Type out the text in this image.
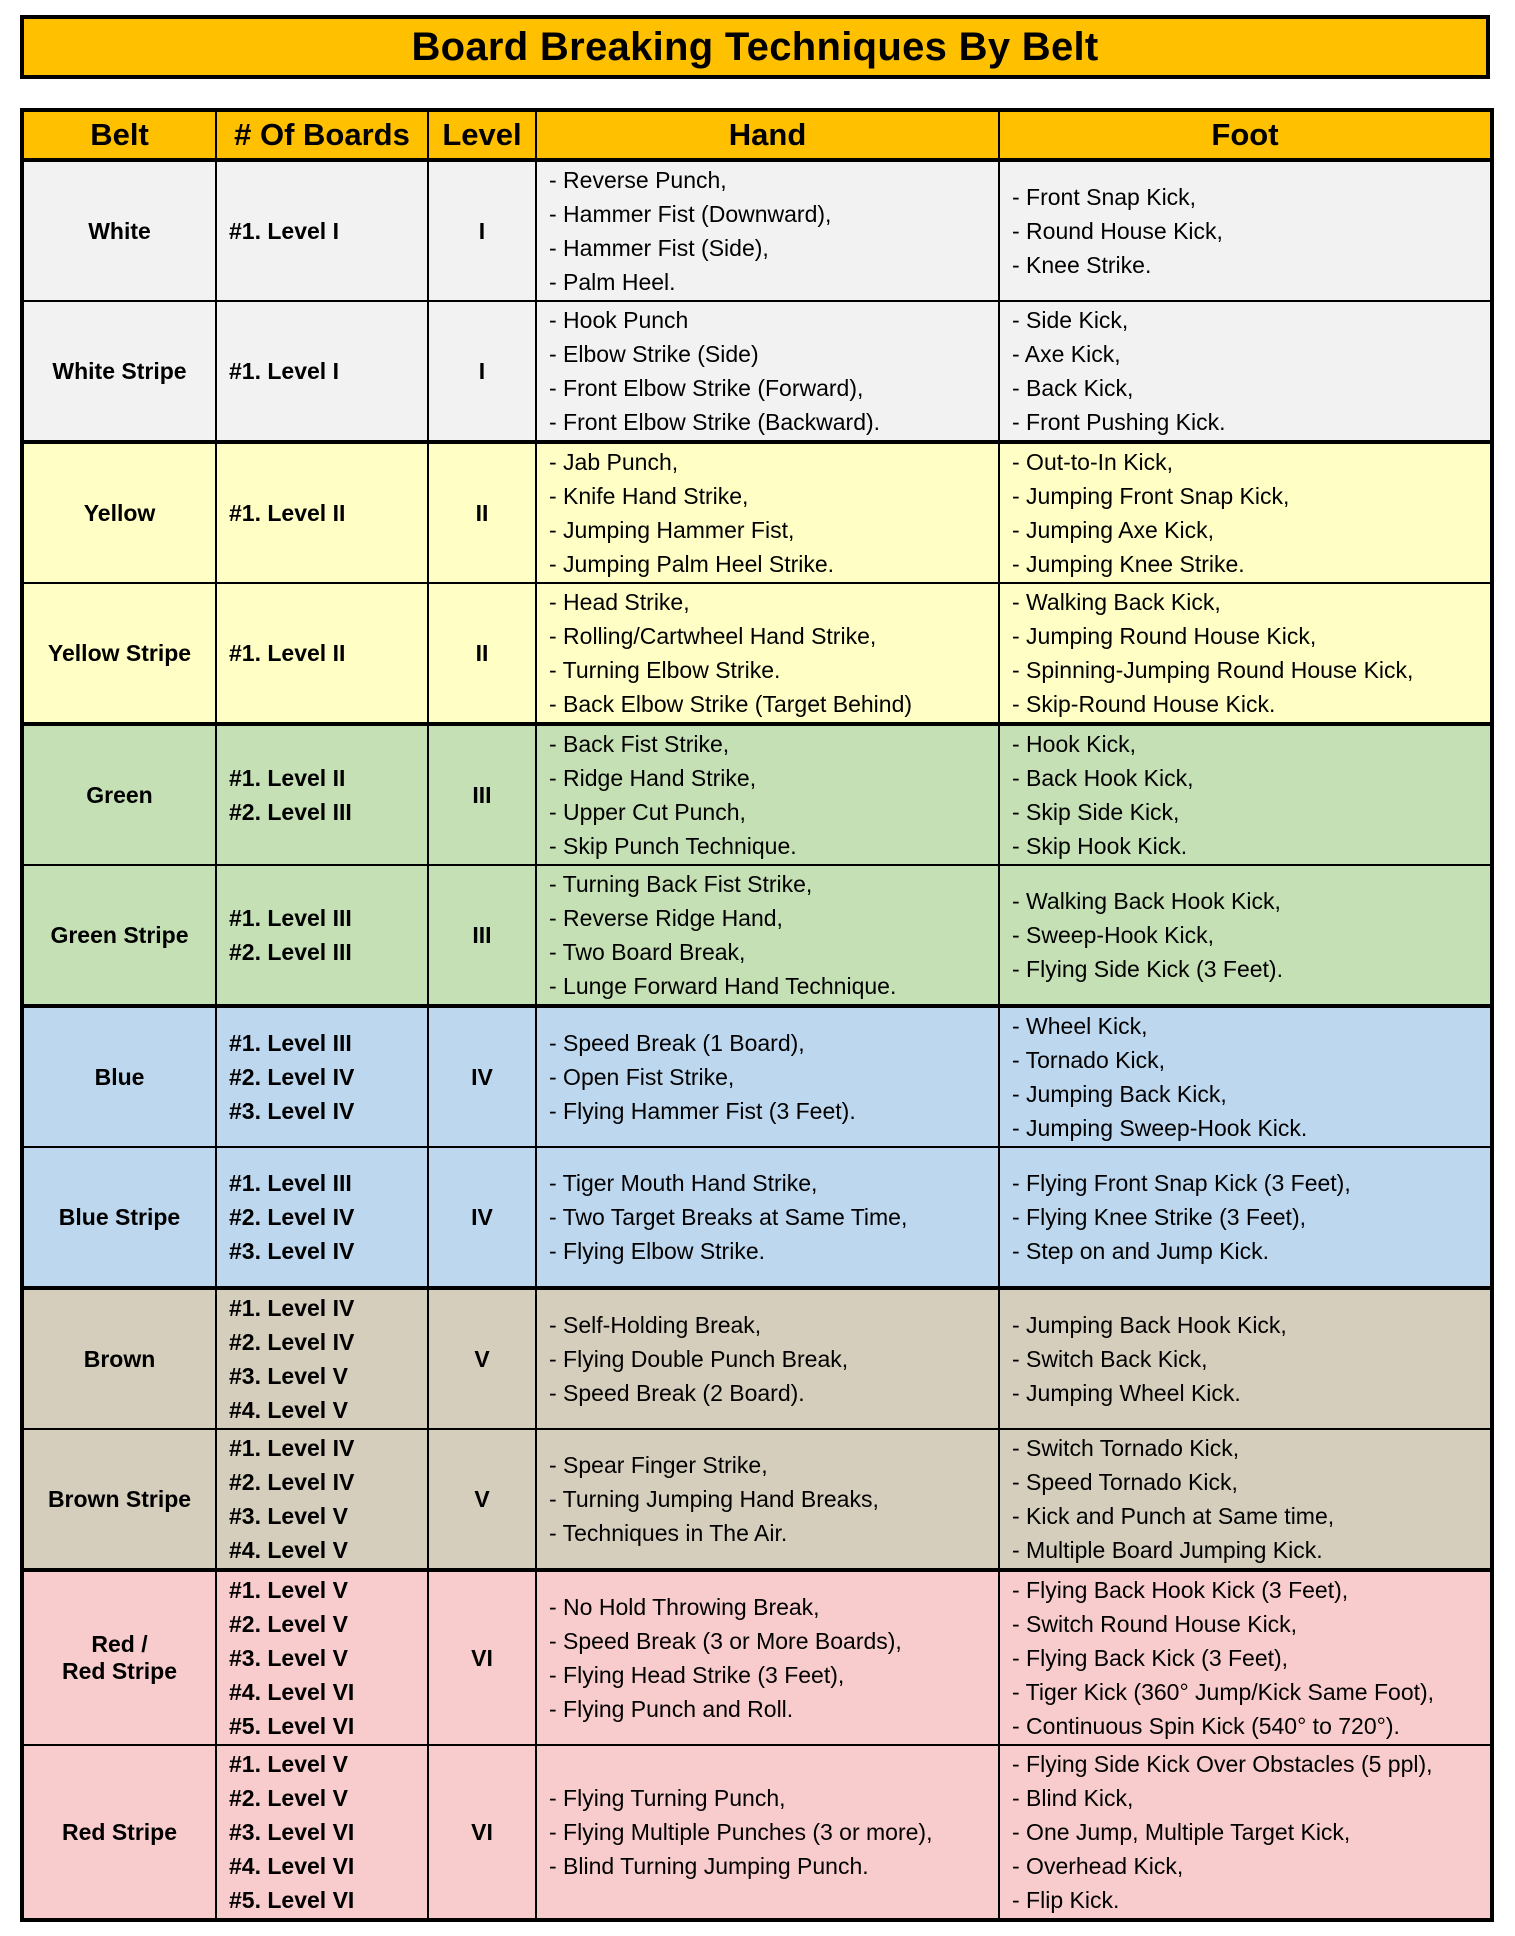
Board Breaking Techniques By Belt
Belt	# Of Boards	Level	Hand	Foot
White	#1. Level I	I	- Reverse Punch,
- Hammer Fist (Downward),
- Hammer Fist (Side),
- Palm Heel.	- Front Snap Kick,
- Round House Kick,
- Knee Strike.

White Stripe	#1. Level I	I	- Hook Punch
- Elbow Strike (Side)
- Front Elbow Strike (Forward),
- Front Elbow Strike (Backward).	- Side Kick,
- Axe Kick,
- Back Kick,
- Front Pushing Kick.

Yellow	#1. Level II	II	- Jab Punch,
- Knife Hand Strike,
- Jumping Hammer Fist,
- Jumping Palm Heel Strike.	- Out-to-In Kick,
- Jumping Front Snap Kick,
- Jumping Axe Kick,
- Jumping Knee Strike.

Yellow Stripe	#1. Level II	II	- Head Strike,
- Rolling/Cartwheel Hand Strike,
- Turning Elbow Strike.
- Back Elbow Strike (Target Behind)	- Walking Back Kick,
- Jumping Round House Kick,
- Spinning-Jumping Round House Kick,
- Skip-Round House Kick.

Green	#1. Level II
#2. Level III	III	- Back Fist Strike,
- Ridge Hand Strike,
- Upper Cut Punch,
- Skip Punch Technique.	- Hook Kick,
- Back Hook Kick,
- Skip Side Kick,
- Skip Hook Kick.

Green Stripe	#1. Level III
#2. Level III	III	- Turning Back Fist Strike,
- Reverse Ridge Hand,
- Two Board Break,
- Lunge Forward Hand Technique.	- Walking Back Hook Kick,
- Sweep-Hook Kick,
- Flying Side Kick (3 Feet).

Blue	#1. Level III
#2. Level IV
#3. Level IV	IV	- Speed Break (1 Board),
- Open Fist Strike,
- Flying Hammer Fist (3 Feet).	- Wheel Kick,
- Tornado Kick,
- Jumping Back Kick,
- Jumping Sweep-Hook Kick.

Blue Stripe	#1. Level III
#2. Level IV
#3. Level IV	IV	- Tiger Mouth Hand Strike,
- Two Target Breaks at Same Time,
- Flying Elbow Strike.	- Flying Front Snap Kick (3 Feet),
- Flying Knee Strike (3 Feet),
- Step on and Jump Kick.

Brown	#1. Level IV
#2. Level IV
#3. Level V
#4. Level V	V	- Self-Holding Break,
- Flying Double Punch Break,
- Speed Break (2 Board).	- Jumping Back Hook Kick,
- Switch Back Kick,
- Jumping Wheel Kick.

Brown Stripe	#1. Level IV
#2. Level IV
#3. Level V
#4. Level V	V	- Spear Finger Strike,
- Turning Jumping Hand Breaks,
- Techniques in The Air.	- Switch Tornado Kick,
- Speed Tornado Kick,
- Kick and Punch at Same time,
- Multiple Board Jumping Kick.

Red /
Red Stripe	#1. Level V
#2. Level V
#3. Level V
#4. Level VI
#5. Level VI	VI	- No Hold Throwing Break,
- Speed Break (3 or More Boards),
- Flying Head Strike (3 Feet),
- Flying Punch and Roll.	- Flying Back Hook Kick (3 Feet),
- Switch Round House Kick,
- Flying Back Kick (3 Feet),
- Tiger Kick (360° Jump/Kick Same Foot),
- Continuous Spin Kick (540° to 720°).

Red Stripe	#1. Level V
#2. Level V
#3. Level VI
#4. Level VI
#5. Level VI	VI	- Flying Turning Punch,
- Flying Multiple Punches (3 or more),
- Blind Turning Jumping Punch.	- Flying Side Kick Over Obstacles (5 ppl),
- Blind Kick,
- One Jump, Multiple Target Kick,
- Overhead Kick,
- Flip Kick.
